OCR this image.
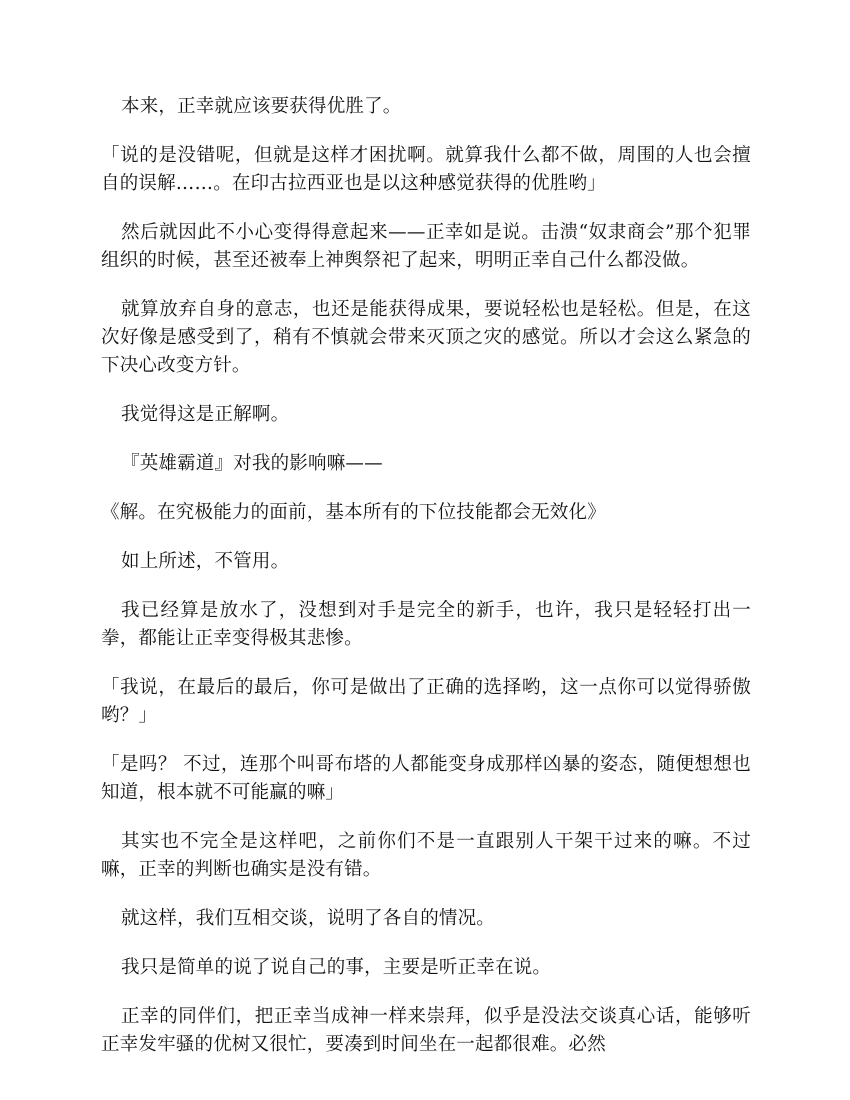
本来，正幸就应该要获得优胜了。

「说的是没错呢，但就是这样才困扰啊。就算我什么都不做，周围的人也会擅自的误解……。在印古拉西亚也是以这种感觉获得的优胜哟」

然后就因此不小心变得得意起来——正幸如是说。击溃“奴隶商会”那个犯罪组织的时候，甚至还被奉上神舆祭祀了起来，明明正幸自己什么都没做。

就算放弃自身的意志，也还是能获得成果，要说轻松也是轻松。但是，在这次好像是感受到了，稍有不慎就会带来灭顶之灾的感觉。所以才会这么紧急的下决心改变方针。

我觉得这是正解啊。

『英雄霸道』对我的影响嘛——

《解。在究极能力的面前，基本所有的下位技能都会无效化》

如上所述，不管用。

我已经算是放水了，没想到对手是完全的新手，也许，我只是轻轻打出一拳，都能让正幸变得极其悲惨。

「我说，在最后的最后，你可是做出了正确的选择哟，这一点你可以觉得骄傲哟？」

「是吗？ 不过，连那个叫哥布塔的人都能变身成那样凶暴的姿态，随便想想也知道，根本就不可能赢的嘛」

其实也不完全是这样吧，之前你们不是一直跟别人干架干过来的嘛。不过嘛，正幸的判断也确实是没有错。

就这样，我们互相交谈，说明了各自的情况。

我只是简单的说了说自己的事，主要是听正幸在说。

正幸的同伴们，把正幸当成神一样来崇拜，似乎是没法交谈真心话，能够听正幸发牢骚的优树又很忙，要凑到时间坐在一起都很难。必然
